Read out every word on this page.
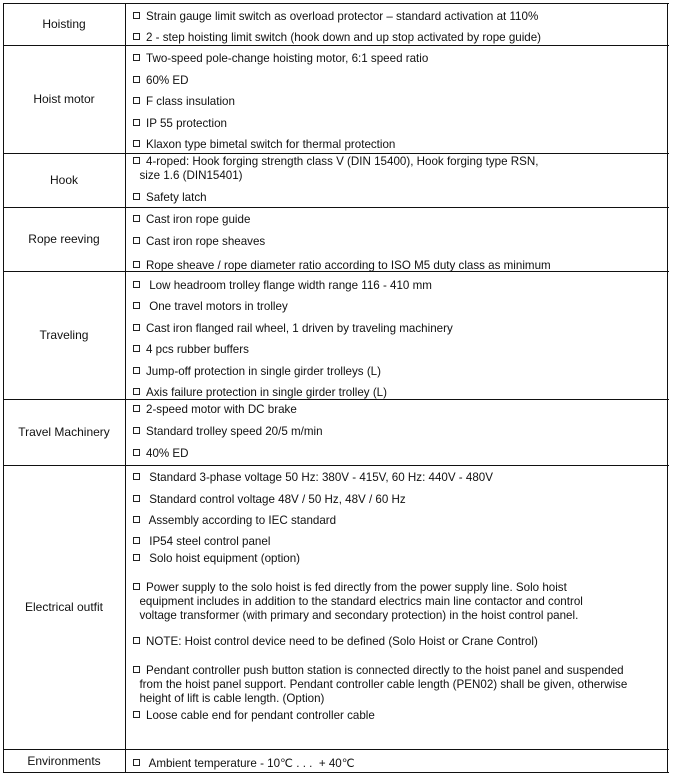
Hoisting
Strain gauge limit switch as overload protector – standard activation at 110%
2 - step hoisting limit switch (hook down and up stop activated by rope guide)
Hoist motor
Two-speed pole-change hoisting motor, 6:1 speed ratio
60% ED
F class insulation
IP 55 protection
Klaxon type bimetal switch for thermal protection
Hook
4-roped: Hook forging strength class V (DIN 15400), Hook forging type RSN,
size 1.6 (DIN15401)
Safety latch
Rope reeving
Cast iron rope guide
Cast iron rope sheaves
Rope sheave / rope diameter ratio according to ISO M5 duty class as minimum
Traveling
Low headroom trolley flange width range 116 - 410 mm
One travel motors in trolley
Cast iron flanged rail wheel, 1 driven by traveling machinery
4 pcs rubber buffers
Jump-off protection in single girder trolleys (L)
Axis failure protection in single girder trolley (L)
Travel Machinery
2-speed motor with DC brake
Standard trolley speed 20/5 m/min
40% ED
Electrical outfit
Standard 3-phase voltage 50 Hz: 380V - 415V, 60 Hz: 440V - 480V
Standard control voltage 48V / 50 Hz, 48V / 60 Hz
Assembly according to IEC standard
IP54 steel control panel
Solo hoist equipment (option)
Power supply to the solo hoist is fed directly from the power supply line. Solo hoist
equipment includes in addition to the standard electrics main line contactor and control
voltage transformer (with primary and secondary protection) in the hoist control panel.
NOTE: Hoist control device need to be defined (Solo Hoist or Crane Control)
Pendant controller push button station is connected directly to the hoist panel and suspended
from the hoist panel support. Pendant controller cable length (PEN02) shall be given, otherwise
height of lift is cable length. (Option)
Loose cable end for pendant controller cable
Environments	Ambient temperature - 10℃ . . .  + 40℃
